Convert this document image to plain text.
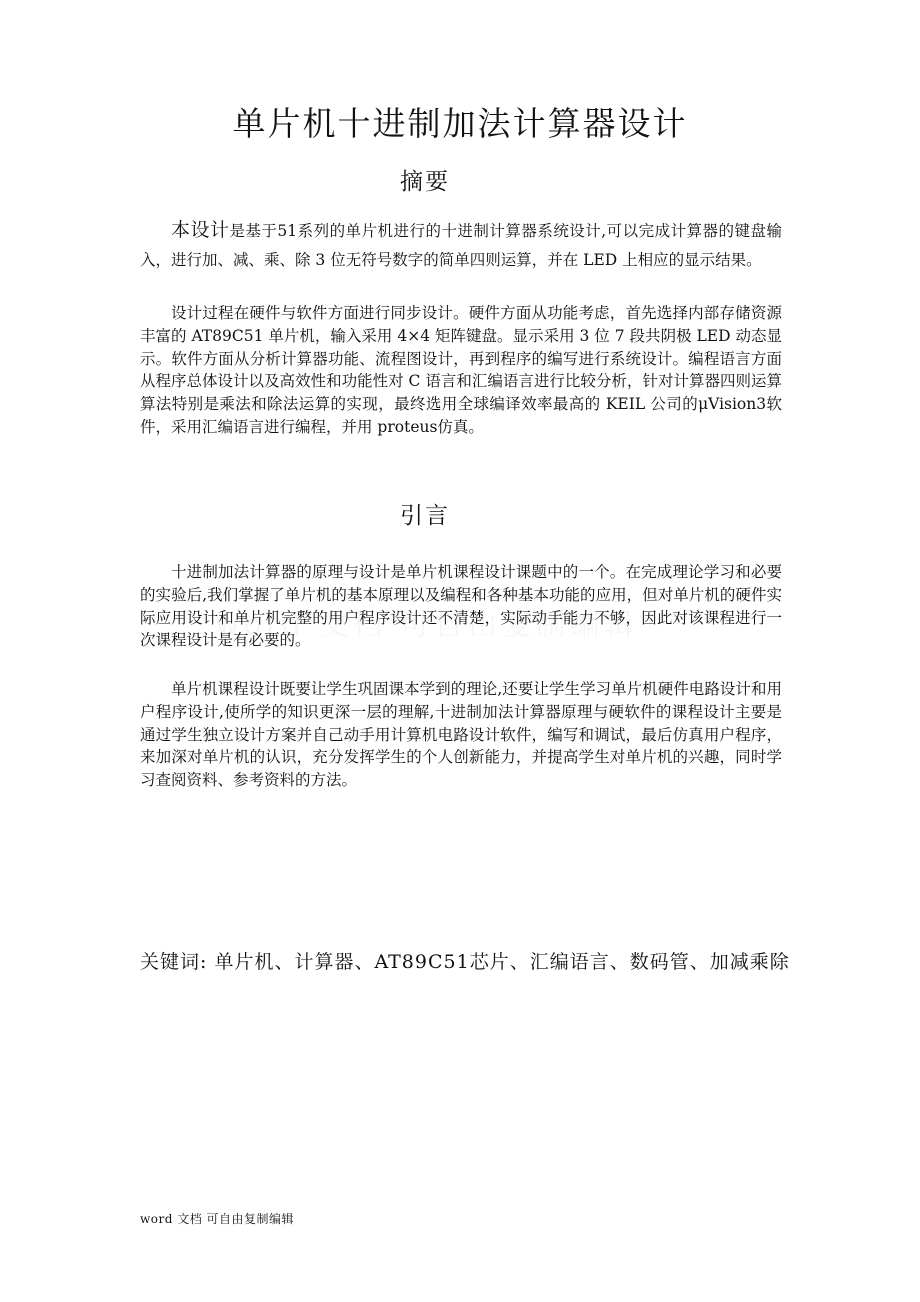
单片机十进制加法计算器设计
摘要

本设计是基于51系列的单片机进行的十进制计算器系统设计,可以完成计算器的键盘输入，进行加、减、乘、除 3 位无符号数字的简单四则运算，并在 LED 上相应的显示结果。

设计过程在硬件与软件方面进行同步设计。硬件方面从功能考虑，首先选择内部存储资源丰富的 AT89C51 单片机，输入采用 4×4 矩阵键盘。显示采用 3 位 7 段共阴极 LED 动态显示。软件方面从分析计算器功能、流程图设计，再到程序的编写进行系统设计。编程语言方面从程序总体设计以及高效性和功能性对 C 语言和汇编语言进行比较分析，针对计算器四则运算算法特别是乘法和除法运算的实现，最终选用全球编译效率最高的 KEIL 公司的μVision3软件，采用汇编语言进行编程，并用 proteus仿真。

引言

十进制加法计算器的原理与设计是单片机课程设计课题中的一个。在完成理论学习和必要的实验后,我们掌握了单片机的基本原理以及编程和各种基本功能的应用，但对单片机的硬件实际应用设计和单片机完整的用户程序设计还不清楚，实际动手能力不够，因此对该课程进行一次课程设计是有必要的。

单片机课程设计既要让学生巩固课本学到的理论,还要让学生学习单片机硬件电路设计和用户程序设计,使所学的知识更深一层的理解,十进制加法计算器原理与硬软件的课程设计主要是通过学生独立设计方案并自己动手用计算机电路设计软件，编写和调试，最后仿真用户程序，来加深对单片机的认识，充分发挥学生的个人创新能力，并提高学生对单片机的兴趣，同时学习查阅资料、参考资料的方法。

关键词: 单片机、计算器、AT89C51芯片、汇编语言、数码管、加减乘除

word 文档 可自由复制编辑
